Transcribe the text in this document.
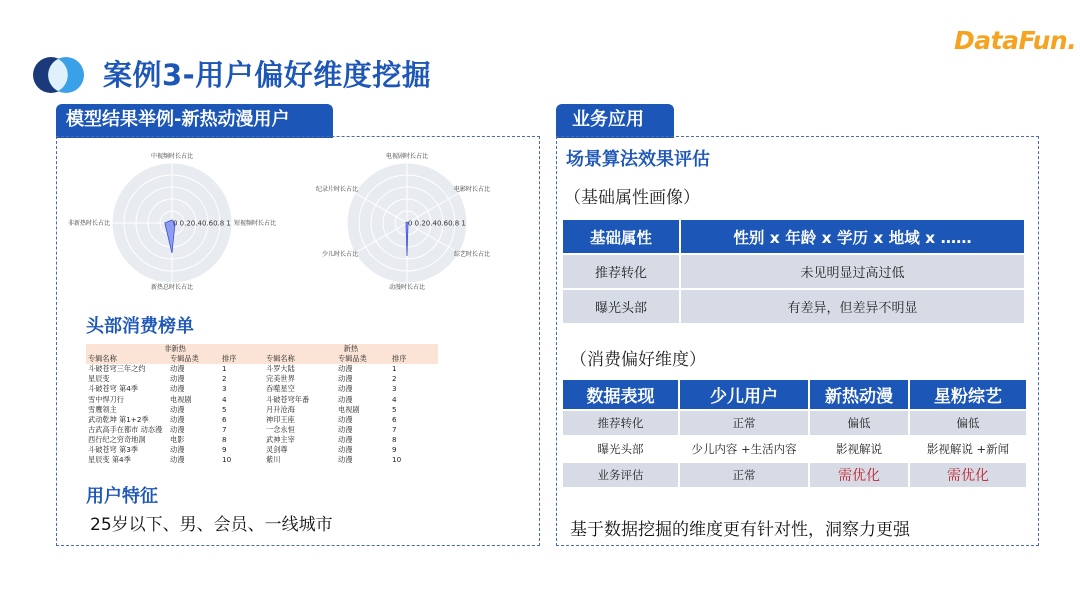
案例3-用户偏好维度挖掘
DataFun.
模型结果举例-新热动漫用户
0 0.20.40.60.8 1
中视频时长占比
短视频时长占比
新热总时长占比
非新热时长占比	0 0.20.40.60.8 1
电视剧时长占比
电影时长占比
综艺时长占比
动漫时长占比
少儿时长占比
纪录片时长占比
头部消费榜单
非新热			新热		
专辑名称	专辑品类	排序	专辑名称	专辑品类	排序
斗破苍穹三年之约	动漫	1	斗罗大陆	动漫	1
星辰变	动漫	2	完美世界	动漫	2
斗破苍穹 第4季	动漫	3	吞噬星空	动漫	3
雪中悍刀行	电视剧	4	斗破苍穹年番	动漫	4
雪鹰领主	动漫	5	月升沧海	电视剧	5
武动乾坤 第1+2季	动漫	6	神印王座	动漫	6
古武高手在都市 动态漫	动漫	7	一念永恒	动漫	7
西行纪之穷奇地洞	电影	8	武神主宰	动漫	8
斗破苍穹 第3季	动漫	9	灵剑尊	动漫	9
星辰变 第4季	动漫	10	紫川	动漫	10
用户特征
25岁以下、男、会员、一线城市
业务应用
场景算法效果评估
（基础属性画像）
基础属性	性别 x 年龄 x 学历 x 地域 x ……
推荐转化	未见明显过高过低
曝光头部	有差异，但差异不明显
（消费偏好维度）
数据表现	少儿用户	新热动漫	星粉综艺
推荐转化	正常	偏低	偏低
曝光头部	少儿内容 +生活内容	影视解说	影视解说 +新闻
业务评估	正常	需优化	需优化
基于数据挖掘的维度更有针对性，洞察力更强
